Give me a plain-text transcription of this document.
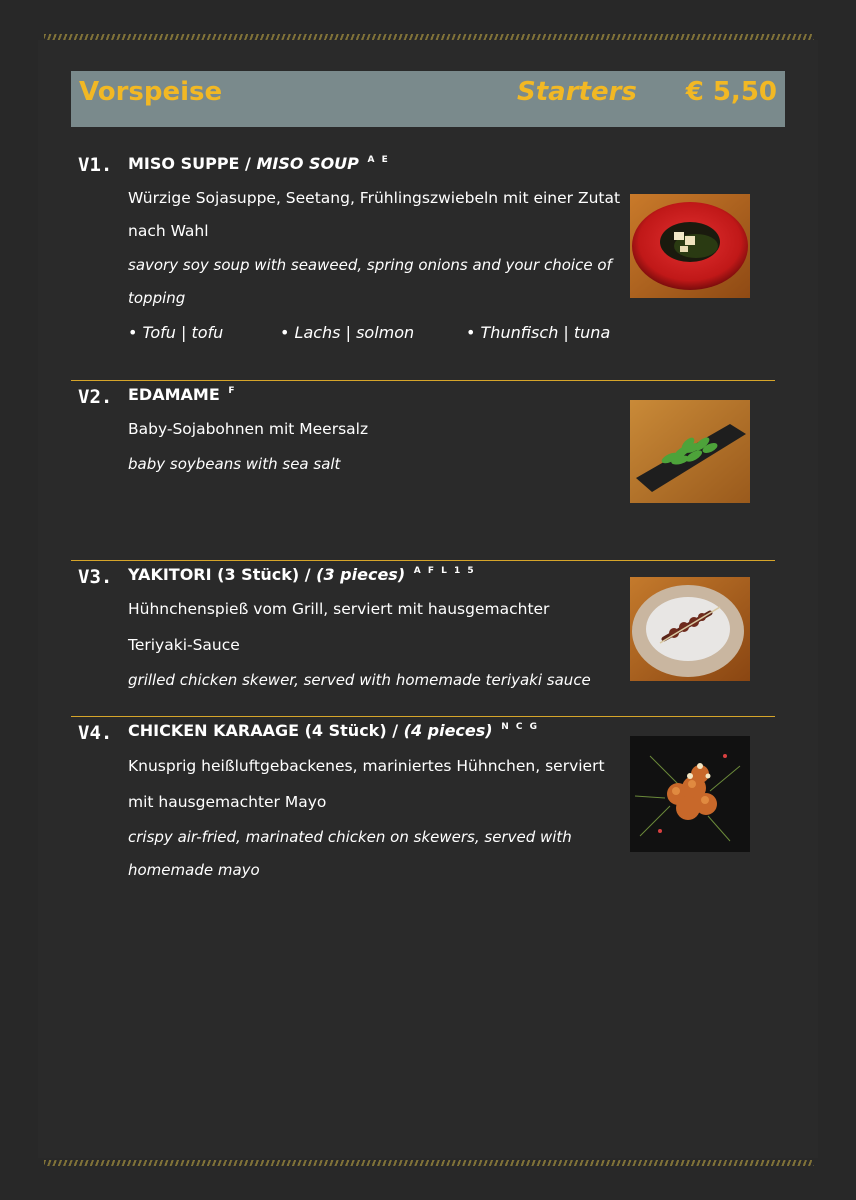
Vorspeise	Starters € 5,50
V1. MISO SUPPE / MISO SOUP $^{A E}$
Würzige Sojasuppe, Seetang, Frühlingszwiebeln mit einer Zutat
nach Wahl
savory soy soup with seaweed, spring onions and your choice of
topping
• Tofu | tofu	• Lachs | solmon	• Thunfisch | tuna
V2. EDAMAME $^F$
Baby-Sojabohnen mit Meersalz
baby soybeans with sea salt
V3. YAKITORI (3 Stück) / (3 pieces) $^{A F L 1 5}$
Hühnchenspieß vom Grill, serviert mit hausgemachter
Teriyaki-Sauce
grilled chicken skewer, served with homemade teriyaki sauce
V4. CHICKEN KARAAGE (4 Stück) / (4 pieces) $^{N C G}$
Knusprig heißluftgebackenes, mariniertes Hühnchen, serviert
mit hausgemachter Mayo
crispy air-fried, marinated chicken on skewers, served with
homemade mayo
